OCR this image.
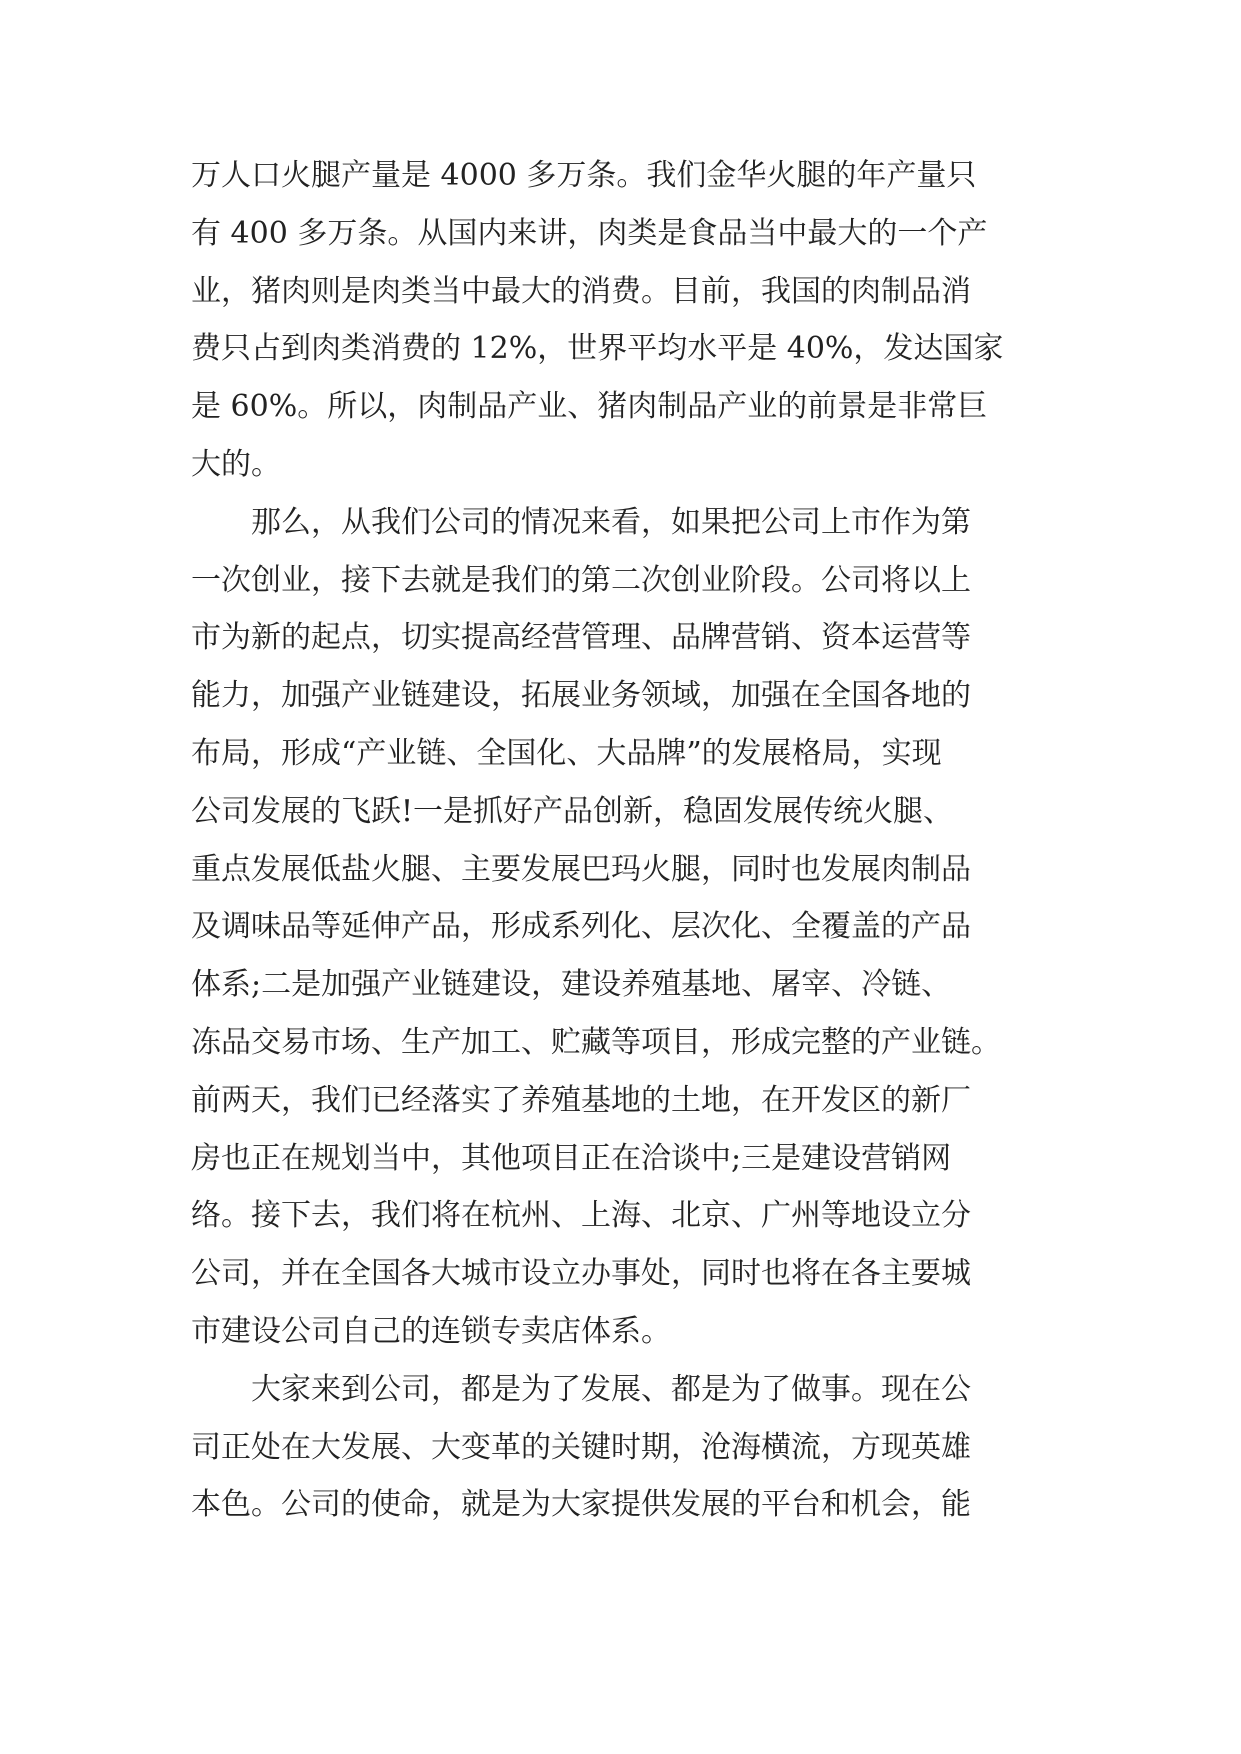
万人口火腿产量是 4000 多万条。我们金华火腿的年产量只
有 400 多万条。从国内来讲，肉类是食品当中最大的一个产
业，猪肉则是肉类当中最大的消费。目前，我国的肉制品消
费只占到肉类消费的 12%，世界平均水平是 40%，发达国家
是 60%。所以，肉制品产业、猪肉制品产业的前景是非常巨
大的。
　　那么，从我们公司的情况来看，如果把公司上市作为第
一次创业，接下去就是我们的第二次创业阶段。公司将以上
市为新的起点，切实提高经营管理、品牌营销、资本运营等
能力，加强产业链建设，拓展业务领域，加强在全国各地的
布局，形成“产业链、全国化、大品牌”的发展格局，实现
公司发展的飞跃!一是抓好产品创新，稳固发展传统火腿、
重点发展低盐火腿、主要发展巴玛火腿，同时也发展肉制品
及调味品等延伸产品，形成系列化、层次化、全覆盖的产品
体系;二是加强产业链建设，建设养殖基地、屠宰、冷链、
冻品交易市场、生产加工、贮藏等项目，形成完整的产业链。
前两天，我们已经落实了养殖基地的土地，在开发区的新厂
房也正在规划当中，其他项目正在洽谈中;三是建设营销网
络。接下去，我们将在杭州、上海、北京、广州等地设立分
公司，并在全国各大城市设立办事处，同时也将在各主要城
市建设公司自己的连锁专卖店体系。
　　大家来到公司，都是为了发展、都是为了做事。现在公
司正处在大发展、大变革的关键时期，沧海横流，方现英雄
本色。公司的使命，就是为大家提供发展的平台和机会，能
